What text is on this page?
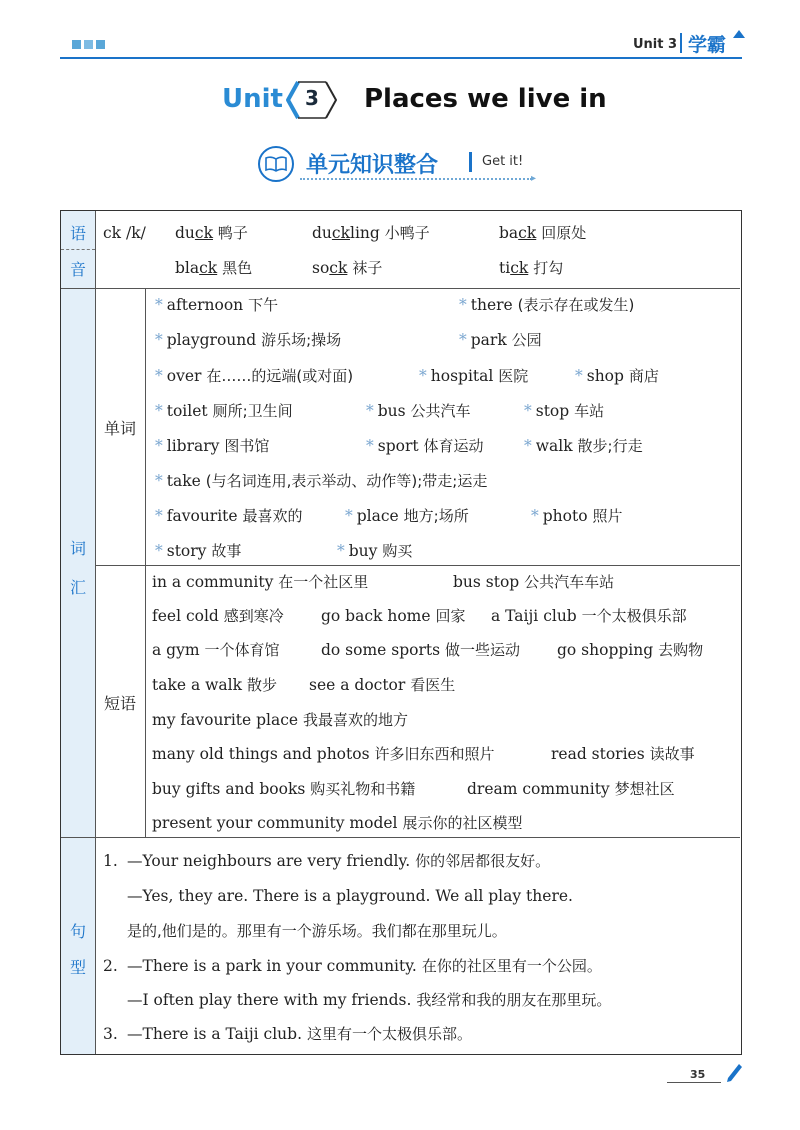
Unit 3 学霸
Unit	3	Places we live in
单元知识整合	Get it!
▸
语
音
词
汇
句
型
单词
短语
ck /k/ duck 鸭子	duckling 小鸭子	back 回原处
black 黑色	sock 袜子	tick 打勾
* afternoon 下午	* there (表示存在或发生)
* playground 游乐场;操场	* park 公园
* over 在……的远端(或对面)	* hospital 医院	* shop 商店
* toilet 厕所;卫生间	* bus 公共汽车	* stop 车站
* library 图书馆	* sport 体育运动	* walk 散步;行走
* take (与名词连用,表示举动、动作等);带走;运走
* favourite 最喜欢的	* place 地方;场所	* photo 照片
* story 故事	* buy 购买
in a community 在一个社区里	bus stop 公共汽车车站
feel cold 感到寒冷 go back home 回家 a Taiji club 一个太极俱乐部
a gym 一个体育馆	do some sports 做一些运动 go shopping 去购物
take a walk 散步 see a doctor 看医生
my favourite place 我最喜欢的地方
many old things and photos 许多旧东西和照片	read stories 读故事
buy gifts and books 购买礼物和书籍	dream community 梦想社区
present your community model 展示你的社区模型
1. —Your neighbours are very friendly. 你的邻居都很友好。
—Yes, they are. There is a playground. We all play there.
是的,他们是的。那里有一个游乐场。我们都在那里玩儿。
2. —There is a park in your community. 在你的社区里有一个公园。
—I often play there with my friends. 我经常和我的朋友在那里玩。
3. —There is a Taiji club. 这里有一个太极俱乐部。
35
